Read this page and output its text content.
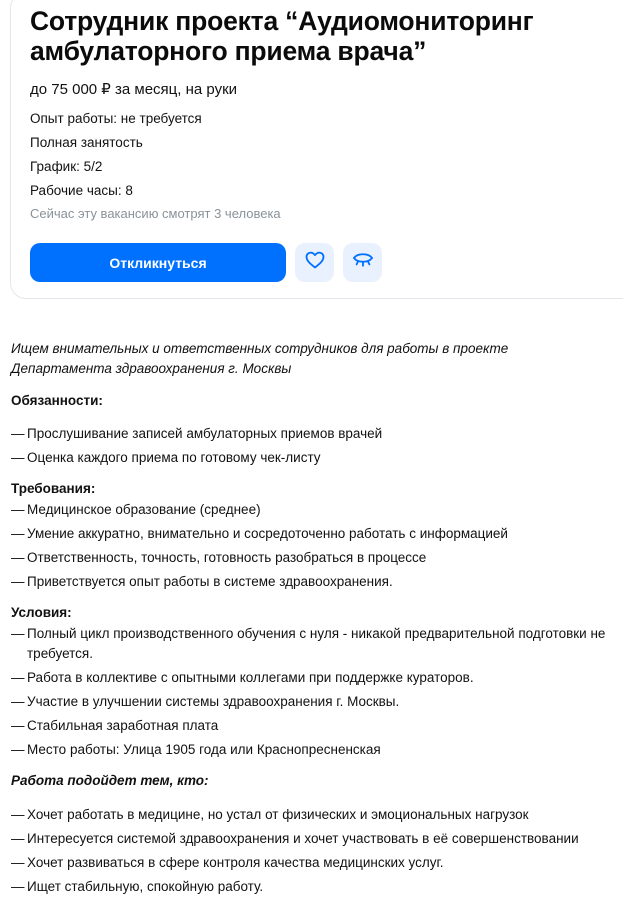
Сотрудник проекта “Аудиомониторинг амбулаторного приема врача”
до 75 000 ₽ за месяц, на руки
Опыт работы: не требуется
Полная занятость
График: 5/2
Рабочие часы: 8
Сейчас эту вакансию смотрят 3 человека
Откликнуться

Ищем внимательных и ответственных сотрудников для работы в проекте Департамента здравоохранения г. Москвы

Обязанности:

— Прослушивание записей амбулаторных приемов врачей
— Оценка каждого приема по готовому чек-листу

Требования:

— Медицинское образование (среднее)
— Умение аккуратно, внимательно и сосредоточенно работать с информацией
— Ответственность, точность, готовность разобраться в процессе
— Приветствуется опыт работы в системе здравоохранения.

Условия:

— Полный цикл производственного обучения с нуля - никакой предварительной подготовки не требуется.
— Работа в коллективе с опытными коллегами при поддержке кураторов.
— Участие в улучшении системы здравоохранения г. Москвы.
— Стабильная заработная плата
— Место работы: Улица 1905 года или Краснопресненская

Работа подойдет тем, кто:

— Хочет работать в медицине, но устал от физических и эмоциональных нагрузок
— Интересуется системой здравоохранения и хочет участвовать в её совершенствовании
— Хочет развиваться в сфере контроля качества медицинских услуг.
— Ищет стабильную, спокойную работу.
